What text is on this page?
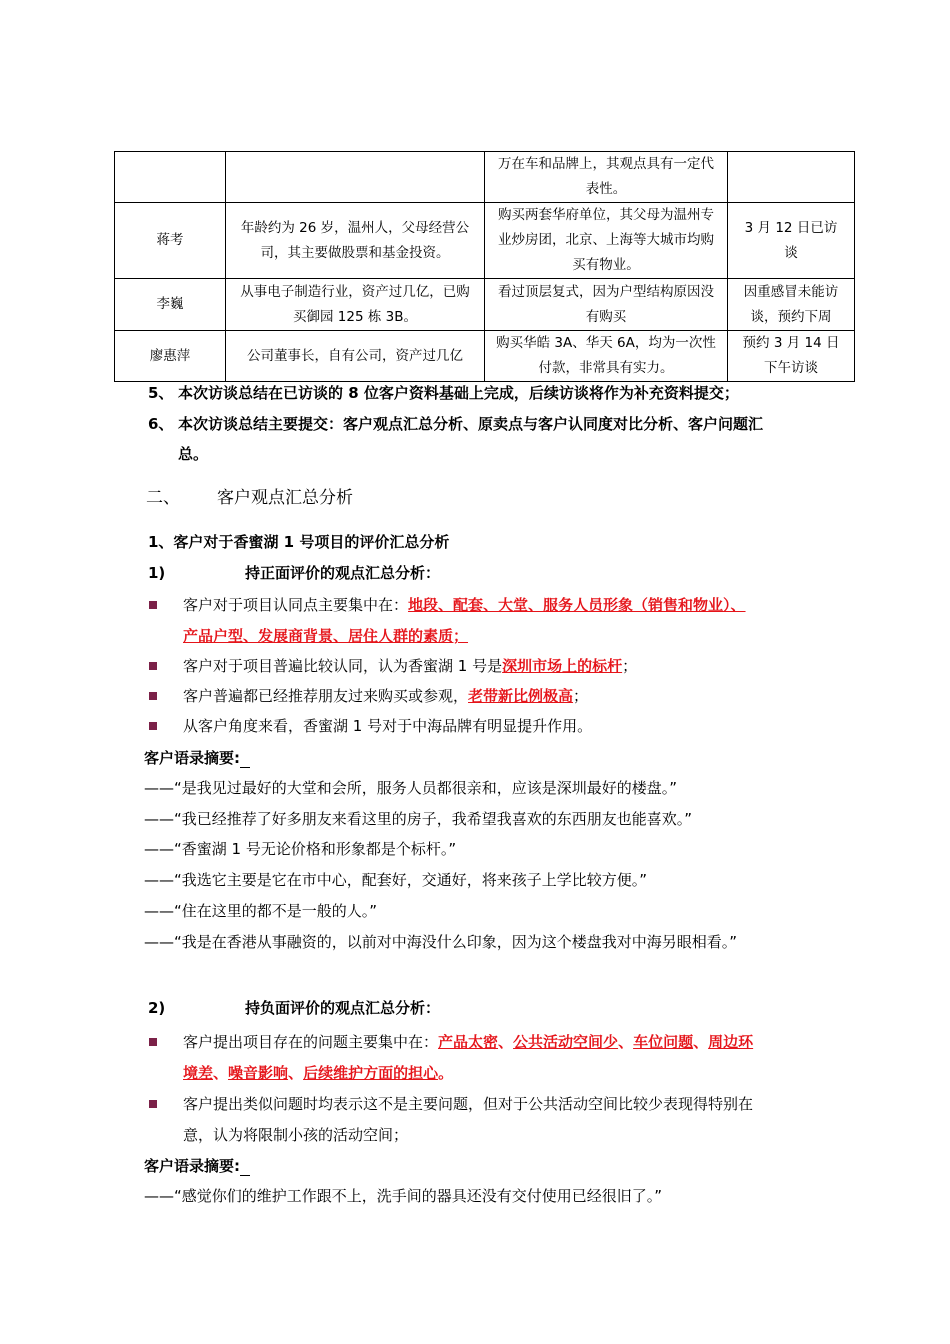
		万在车和品牌上，其观点具有一定代表性。	
蒋考	年龄约为 26 岁，温州人，父母经营公司，其主要做股票和基金投资。	购买两套华府单位，其父母为温州专业炒房团，北京、上海等大城市均购买有物业。	3 月 12 日已访谈
李巍	从事电子制造行业，资产过几亿，已购买御园 125 栋 3B。	看过顶层复式，因为户型结构原因没有购买	因重感冒未能访谈，预约下周
廖惠萍	公司董事长，自有公司，资产过几亿	购买华皓 3A、华天 6A，均为一次性付款，非常具有实力。	预约 3 月 14 日下午访谈
5、 本次访谈总结在已访谈的 8 位客户资料基础上完成，后续访谈将作为补充资料提交；
6、 本次访谈总结主要提交：客户观点汇总分析、原卖点与客户认同度对比分析、客户问题汇
总。
二、 客户观点汇总分析
1、客户对于香蜜湖 1 号项目的评价汇总分析
1)	持正面评价的观点汇总分析：
客户对于项目认同点主要集中在：地段、配套、大堂、服务人员形象（销售和物业）、
产品户型、发展商背景、居住人群的素质；
客户对于项目普遍比较认同，认为香蜜湖 1 号是深圳市场上的标杆；
客户普遍都已经推荐朋友过来购买或参观，老带新比例极高；
从客户角度来看，香蜜湖 1 号对于中海品牌有明显提升作用。
客户语录摘要:
——“是我见过最好的大堂和会所，服务人员都很亲和，应该是深圳最好的楼盘。”
——“我已经推荐了好多朋友来看这里的房子，我希望我喜欢的东西朋友也能喜欢。”
——“香蜜湖 1 号无论价格和形象都是个标杆。”
——“我选它主要是它在市中心，配套好，交通好，将来孩子上学比较方便。”
——“住在这里的都不是一般的人。”
——“我是在香港从事融资的，以前对中海没什么印象，因为这个楼盘我对中海另眼相看。”
2)	持负面评价的观点汇总分析：
客户提出项目存在的问题主要集中在：产品太密、公共活动空间少、车位问题、周边环
境差、噪音影响、后续维护方面的担心。
客户提出类似问题时均表示这不是主要问题，但对于公共活动空间比较少表现得特别在
意，认为将限制小孩的活动空间；
客户语录摘要:
——“感觉你们的维护工作跟不上，洗手间的器具还没有交付使用已经很旧了。”
